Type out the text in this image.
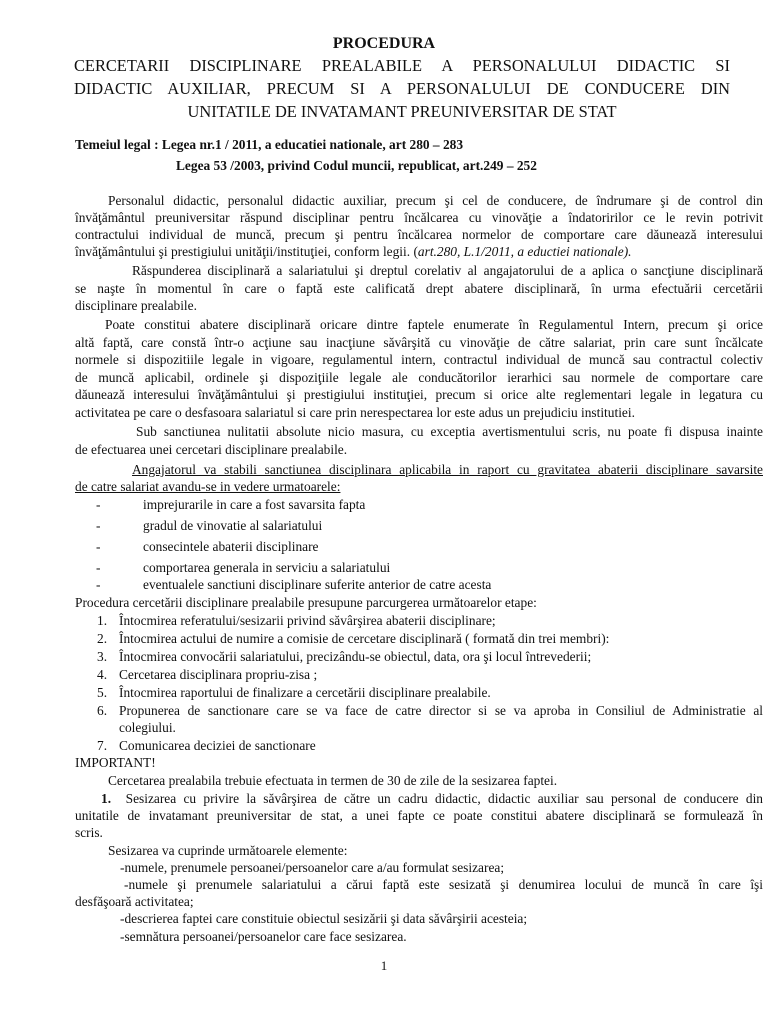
PROCEDURA
CERCETARII DISCIPLINARE PREALABILE A PERSONALULUI DIDACTIC SI
DIDACTIC AUXILIAR, PRECUM SI A PERSONALULUI DE CONDUCERE DIN
UNITATILE DE INVATAMANT PREUNIVERSITAR DE STAT
Temeiul legal : Legea nr.1 / 2011, a educatiei nationale, art 280 – 283
Legea 53 /2003, privind Codul muncii, republicat, art.249 – 252
Personalul didactic, personalul didactic auxiliar, precum şi cel de conducere, de îndrumare şi de control din
învăţământul preuniversitar răspund disciplinar pentru încălcarea cu vinovăţie a îndatoririlor ce le revin potrivit
contractului individual de muncă, precum şi pentru încălcarea normelor de comportare care dăunează interesului
învăţământului şi prestigiului unităţii/instituţiei, conform legii. (art.280, L.1/2011, a eductiei nationale).
Răspunderea disciplinară a salariatului şi dreptul corelativ al angajatorului de a aplica o sancţiune disciplinară
se naşte în momentul în care o faptă este calificată drept abatere disciplinară, în urma efectuării cercetării
disciplinare prealabile.
Poate constitui abatere disciplinară oricare dintre faptele enumerate în Regulamentul Intern, precum şi orice
altă faptă, care constă într-o acţiune sau inacţiune săvârşită cu vinovăţie de către salariat, prin care sunt încălcate
normele si dispozitiile legale in vigoare, regulamentul intern, contractul individual de muncă sau contractul colectiv
de muncă aplicabil, ordinele şi dispoziţiile legale ale conducătorilor ierarhici sau normele de comportare care
dăunează interesului învăţământului şi prestigiului instituţiei, precum si orice alte reglementari legale in legatura cu
activitatea pe care o desfasoara salariatul si care prin nerespectarea lor este adus un prejudiciu institutiei.
Sub sanctiunea nulitatii absolute nicio masura, cu exceptia avertismentului scris, nu poate fi dispusa inainte
de efectuarea unei cercetari disciplinare prealabile.
Angajatorul va stabili sanctiunea disciplinara aplicabila in raport cu gravitatea abaterii disciplinare savarsite
de catre salariat avandu-se in vedere urmatoarele:
-	imprejurarile in care a fost savarsita fapta
-	gradul de vinovatie al salariatului
-	consecintele abaterii disciplinare
-	comportarea generala in serviciu a salariatului
-	eventualele sanctiuni disciplinare suferite anterior de catre acesta
Procedura cercetării disciplinare prealabile presupune parcurgerea următoarelor etape:
1. Întocmirea referatului/sesizarii privind săvârşirea abaterii disciplinare;
2. Întocmirea actului de numire a comisie de cercetare disciplinară ( formată din trei membri):
3. Întocmirea convocării salariatului, precizându-se obiectul, data, ora şi locul întrevederii;
4. Cercetarea disciplinara propriu-zisa ;
5. Întocmirea raportului de finalizare a cercetării disciplinare prealabile.
6. Propunerea de sanctionare care se va face de catre director si se va aproba in Consiliul de Administratie al
colegiului.
7. Comunicarea deciziei de sanctionare
IMPORTANT!
Cercetarea prealabila trebuie efectuata in termen de 30 de zile de la sesizarea faptei.
1. Sesizarea cu privire la săvârşirea de către un cadru didactic, didactic auxiliar sau personal de conducere din
unitatile de invatamant preuniversitar de stat, a unei fapte ce poate constitui abatere disciplinară se formulează în
scris.
Sesizarea va cuprinde următoarele elemente:
-numele, prenumele persoanei/persoanelor care a/au formulat sesizarea;
-numele şi prenumele salariatului a cărui faptă este sesizată şi denumirea locului de muncă în care îşi
desfăşoară activitatea;
-descrierea faptei care constituie obiectul sesizării şi data săvârşirii acesteia;
-semnătura persoanei/persoanelor care face sesizarea.
1
